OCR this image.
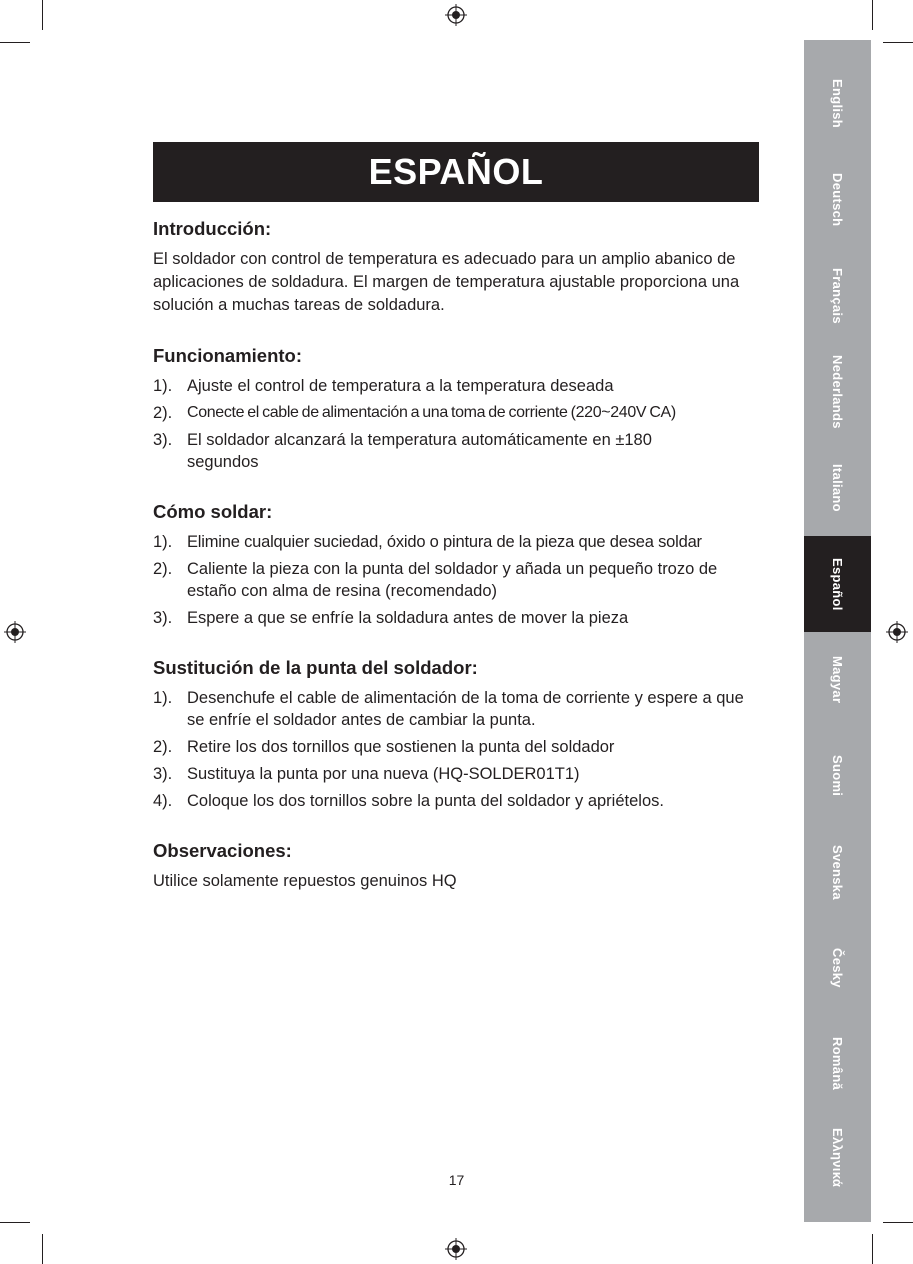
ESPAÑOL
Introducción:

El soldador con control de temperatura es adecuado para un amplio abanico de aplicaciones de soldadura. El margen de temperatura ajustable proporciona una solución a muchas tareas de soldadura.

Funcionamiento:
1). Ajuste el control de temperatura a la temperatura deseada
2). Conecte el cable de alimentación a una toma de corriente (220~240V CA)
3). El soldador alcanzará la temperatura automáticamente en ±180 segundos
Cómo soldar:
1). Elimine cualquier suciedad, óxido o pintura de la pieza que desea soldar
2). Caliente la pieza con la punta del soldador y añada un pequeño trozo de estaño con alma de resina (recomendado)
3). Espere a que se enfríe la soldadura antes de mover la pieza
Sustitución de la punta del soldador:
1). Desenchufe el cable de alimentación de la toma de corriente y espere a que se enfríe el soldador antes de cambiar la punta.
2). Retire los dos tornillos que sostienen la punta del soldador
3). Sustituya la punta por una nueva (HQ-SOLDER01T1)
4). Coloque los dos tornillos sobre la punta del soldador y apriételos.
Observaciones:

Utilice solamente repuestos genuinos HQ

17
English
Deutsch
Français
Nederlands
Italiano
Español
Magyar
Suomi
Svenska
Česky
Română
Ελληνικά
